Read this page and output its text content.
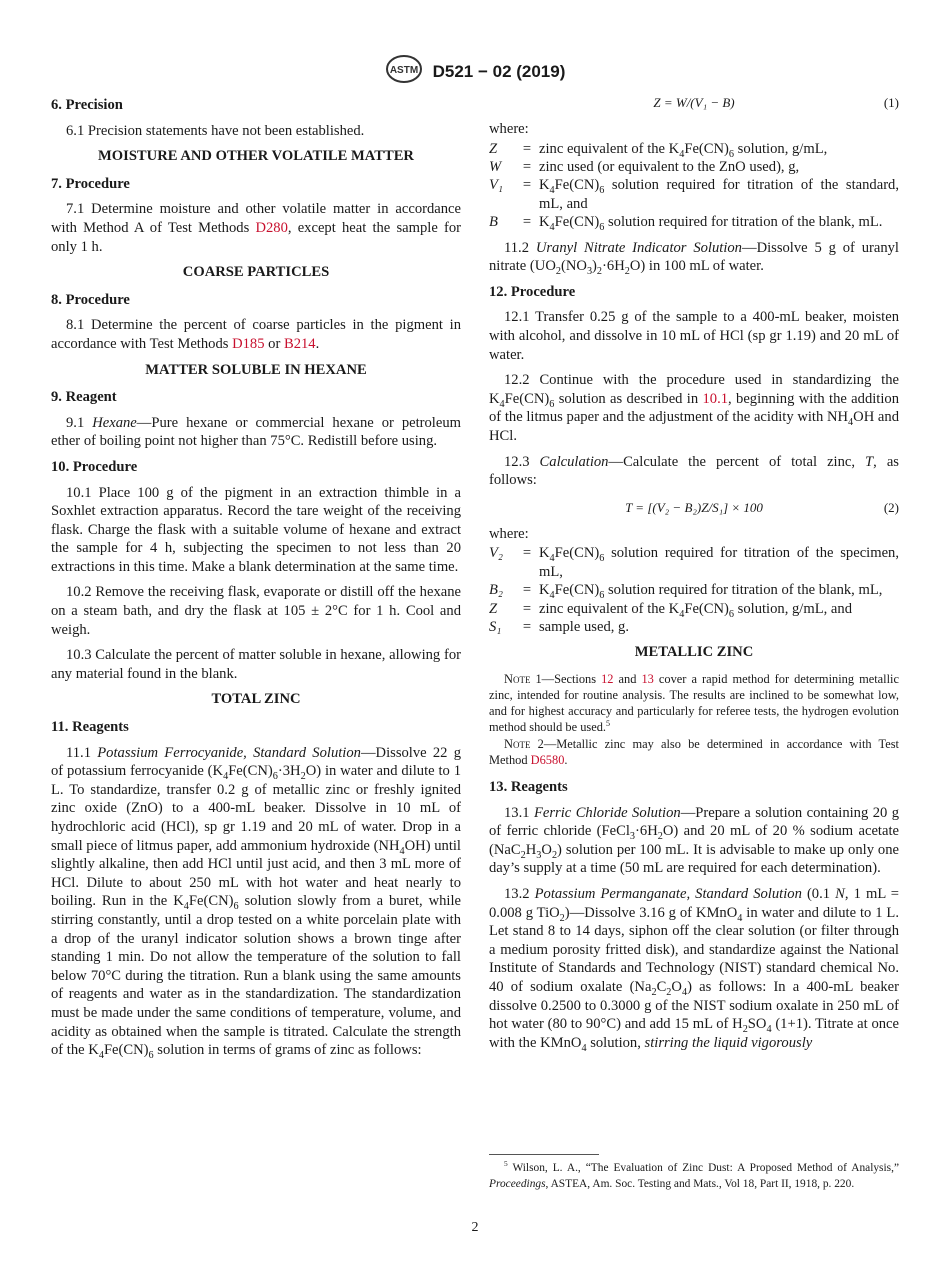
ASTM D521 − 02 (2019)

6. Precision

6.1 Precision statements have not been established.

MOISTURE AND OTHER VOLATILE MATTER

7. Procedure

7.1 Determine moisture and other volatile matter in accordance with Method A of Test Methods D280, except heat the sample for only 1 h.

COARSE PARTICLES

8. Procedure

8.1 Determine the percent of coarse particles in the pigment in accordance with Test Methods D185 or B214.

MATTER SOLUBLE IN HEXANE

9. Reagent

9.1 Hexane—Pure hexane or commercial hexane or petroleum ether of boiling point not higher than 75°C. Redistill before using.

10. Procedure

10.1 Place 100 g of the pigment in an extraction thimble in a Soxhlet extraction apparatus. Record the tare weight of the receiving flask. Charge the flask with a suitable volume of hexane and extract the sample for 4 h, subjecting the specimen to not less than 20 extractions in this time. Make a blank determination at the same time.

10.2 Remove the receiving flask, evaporate or distill off the hexane on a steam bath, and dry the flask at 105 ± 2°C for 1 h. Cool and weigh.

10.3 Calculate the percent of matter soluble in hexane, allowing for any material found in the blank.

TOTAL ZINC

11. Reagents

11.1 Potassium Ferrocyanide, Standard Solution—Dissolve 22 g of potassium ferrocyanide $(K_4Fe(CN)_6\cdot 3H_2O)$ in water and dilute to 1 L. To standardize, transfer 0.2 g of metallic zinc or freshly ignited zinc oxide (ZnO) to a 400-mL beaker. Dissolve in 10 mL of hydrochloric acid (HCl), sp gr 1.19 and 20 mL of water. Drop in a small piece of litmus paper, add ammonium hydroxide $(NH_4OH)$ until slightly alkaline, then add HCl until just acid, and then 3 mL more of HCl. Dilute to about 250 mL with hot water and heat nearly to boiling. Run in the $K_4Fe(CN)_6$ solution slowly from a buret, while stirring constantly, until a drop tested on a white porcelain plate with a drop of the uranyl indicator solution shows a brown tinge after standing 1 min. Do not allow the temperature of the solution to fall below 70°C during the titration. Run a blank using the same amounts of reagents and water as in the standardization. The standardization must be made under the same conditions of temperature, volume, and acidity as obtained when the sample is titrated. Calculate the strength of the $K_4Fe(CN)_6$ solution in terms of grams of zinc as follows:

Z = W/(V₁ − B)	(1)

where:

Z	=	zinc equivalent of the $K_4Fe(CN)_6$ solution, g/mL,
W	=	zinc used (or equivalent to the ZnO used), g,
V₁	=	$K_4Fe(CN)_6$ solution required for titration of the standard, mL, and
B	=	$K_4Fe(CN)_6$ solution required for titration of the blank, mL.

11.2 Uranyl Nitrate Indicator Solution—Dissolve 5 g of uranyl nitrate $(UO_2(NO_3)_2\cdot 6H_2O)$ in 100 mL of water.

12. Procedure

12.1 Transfer 0.25 g of the sample to a 400-mL beaker, moisten with alcohol, and dissolve in 10 mL of HCl (sp gr 1.19) and 20 mL of water.

12.2 Continue with the procedure used in standardizing the $K_4Fe(CN)_6$ solution as described in 10.1, beginning with the addition of the litmus paper and the adjustment of the acidity with $NH_4OH$ and HCl.

12.3 Calculation—Calculate the percent of total zinc, T, as follows:

T = [(V₂ − B₂)Z/S₁] × 100	(2)

where:

V₂	=	$K_4Fe(CN)_6$ solution required for titration of the specimen, mL,
B₂	=	$K_4Fe(CN)_6$ solution required for titration of the blank, mL,
Z	=	zinc equivalent of the $K_4Fe(CN)_6$ solution, g/mL, and
S₁	=	sample used, g.

METALLIC ZINC

Note 1—Sections 12 and 13 cover a rapid method for determining metallic zinc, intended for routine analysis. The results are inclined to be somewhat low, and for highest accuracy and particularly for referee tests, the hydrogen evolution method should be used.$^5$

Note 2—Metallic zinc may also be determined in accordance with Test Method D6580.

13. Reagents

13.1 Ferric Chloride Solution—Prepare a solution containing 20 g of ferric chloride $(FeCl_3\cdot 6H_2O)$ and 20 mL of 20 % sodium acetate $(NaC_2H_3O_2)$ solution per 100 mL. It is advisable to make up only one day’s supply at a time (50 mL are required for each determination).

13.2 Potassium Permanganate, Standard Solution (0.1 N, 1 mL = 0.008 g TiO$_2$)—Dissolve 3.16 g of KMnO$_4$ in water and dilute to 1 L. Let stand 8 to 14 days, siphon off the clear solution (or filter through a medium porosity fritted disk), and standardize against the National Institute of Standards and Technology (NIST) standard chemical No. 40 of sodium oxalate $(Na_2C_2O_4)$ as follows: In a 400-mL beaker dissolve 0.2500 to 0.3000 g of the NIST sodium oxalate in 250 mL of hot water (80 to 90°C) and add 15 mL of $H_2SO_4$ (1+1). Titrate at once with the KMnO$_4$ solution, stirring the liquid vigorously

$^5$ Wilson, L. A., “The Evaluation of Zinc Dust: A Proposed Method of Analysis,” Proceedings, ASTEA, Am. Soc. Testing and Mats., Vol 18, Part II, 1918, p. 220.

2
